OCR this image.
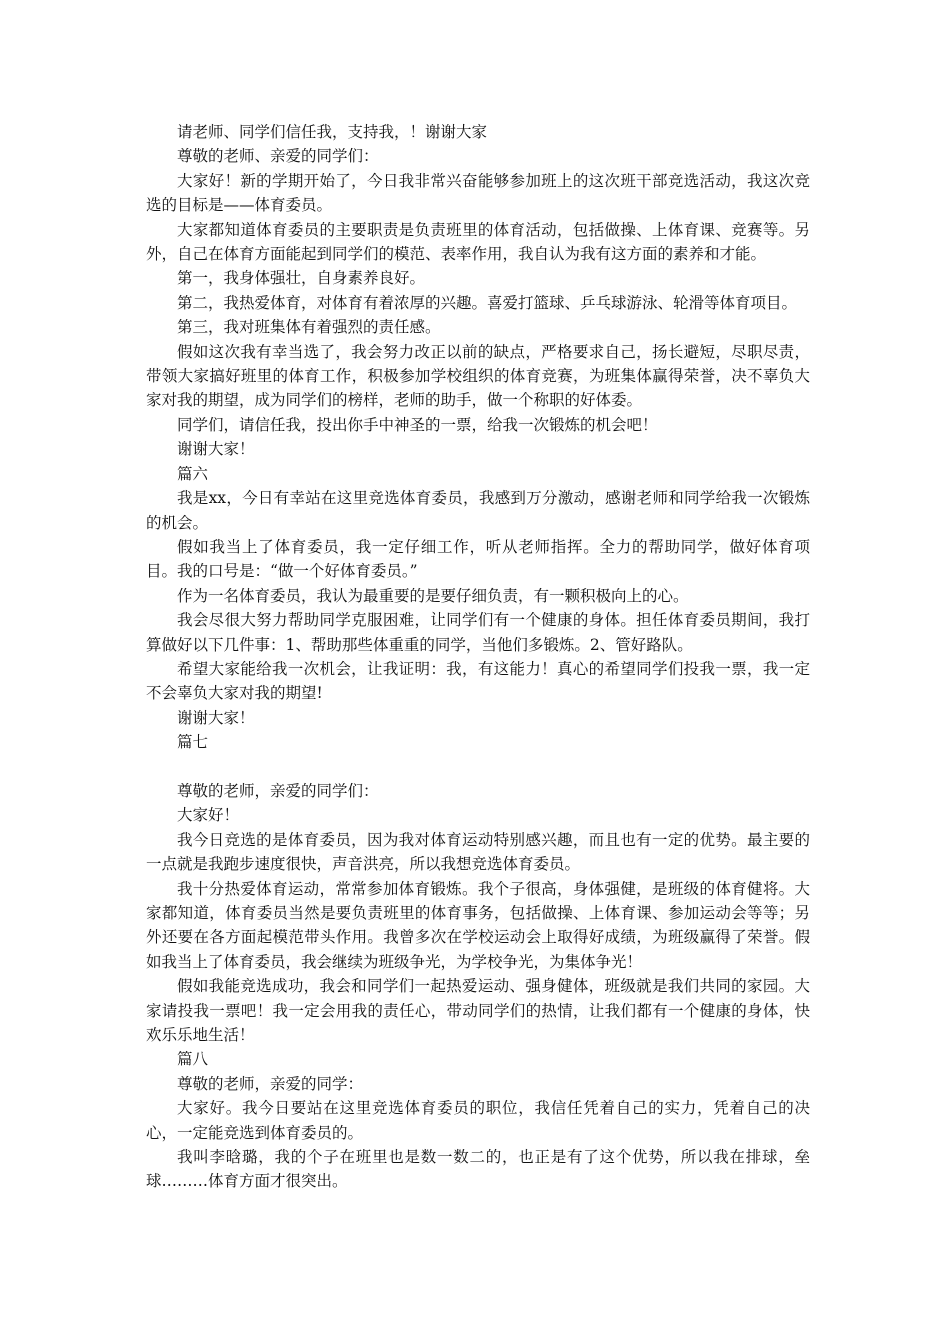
请老师、同学们信任我，支持我，！谢谢大家

尊敬的老师、亲爱的同学们：

大家好！新的学期开始了，今日我非常兴奋能够参加班上的这次班干部竞选活动，我这次竞选的目标是——体育委员。

大家都知道体育委员的主要职责是负责班里的体育活动，包括做操、上体育课、竞赛等。另外，自己在体育方面能起到同学们的模范、表率作用，我自认为我有这方面的素养和才能。

第一，我身体强壮，自身素养良好。

第二，我热爱体育，对体育有着浓厚的兴趣。喜爱打篮球、乒乓球游泳、轮滑等体育项目。

第三，我对班集体有着强烈的责任感。

假如这次我有幸当选了，我会努力改正以前的缺点，严格要求自己，扬长避短，尽职尽责，带领大家搞好班里的体育工作，积极参加学校组织的体育竞赛，为班集体赢得荣誉，决不辜负大家对我的期望，成为同学们的榜样，老师的助手，做一个称职的好体委。

同学们，请信任我，投出你手中神圣的一票，给我一次锻炼的机会吧！

谢谢大家！

篇六

我是xx，今日有幸站在这里竞选体育委员，我感到万分激动，感谢老师和同学给我一次锻炼的机会。

假如我当上了体育委员，我一定仔细工作，听从老师指挥。全力的帮助同学，做好体育项目。我的口号是：“做一个好体育委员。”

作为一名体育委员，我认为最重要的是要仔细负责，有一颗积极向上的心。

我会尽很大努力帮助同学克服困难，让同学们有一个健康的身体。担任体育委员期间，我打算做好以下几件事：1、帮助那些体重重的同学，当他们多锻炼。2、管好路队。

希望大家能给我一次机会，让我证明：我，有这能力！真心的希望同学们投我一票，我一定不会辜负大家对我的期望!

谢谢大家！

篇七

尊敬的老师，亲爱的同学们：

大家好！

我今日竞选的是体育委员，因为我对体育运动特别感兴趣，而且也有一定的优势。最主要的一点就是我跑步速度很快，声音洪亮，所以我想竞选体育委员。

我十分热爱体育运动，常常参加体育锻炼。我个子很高，身体强健，是班级的体育健将。大家都知道，体育委员当然是要负责班里的体育事务，包括做操、上体育课、参加运动会等等；另外还要在各方面起模范带头作用。我曾多次在学校运动会上取得好成绩，为班级赢得了荣誉。假如我当上了体育委员，我会继续为班级争光，为学校争光，为集体争光！

假如我能竞选成功，我会和同学们一起热爱运动、强身健体，班级就是我们共同的家园。大家请投我一票吧！我一定会用我的责任心，带动同学们的热情，让我们都有一个健康的身体，快欢乐乐地生活！

篇八

尊敬的老师，亲爱的同学：

大家好。我今日要站在这里竞选体育委员的职位，我信任凭着自己的实力，凭着自己的决心，一定能竞选到体育委员的。

我叫李晗璐，我的个子在班里也是数一数二的，也正是有了这个优势，所以我在排球，垒球………体育方面才很突出。
